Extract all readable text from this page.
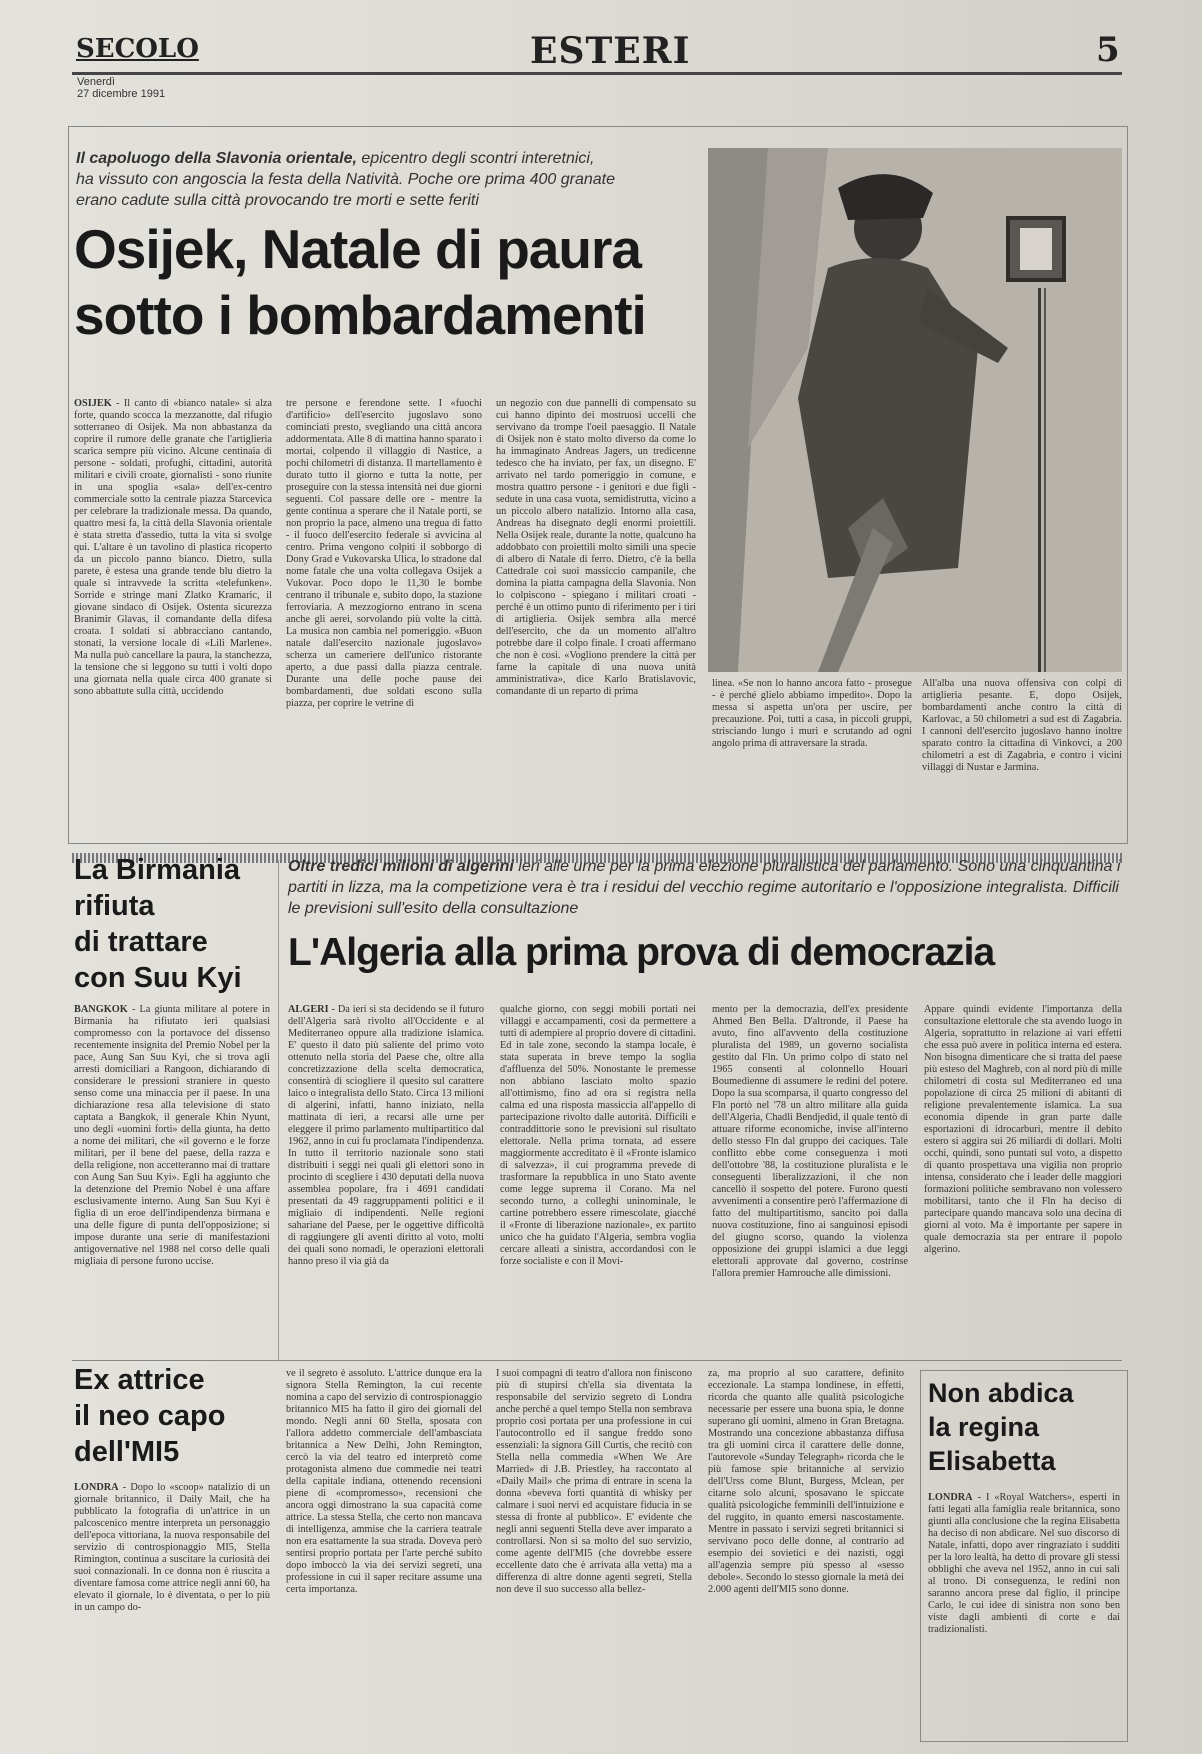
SECOLO
Venerdì
27 dicembre 1991
ESTERI	5
Il capoluogo della Slavonia orientale, epicentro degli scontri interetnici, ha vissuto con angoscia la festa della Natività. Poche ore prima 400 granate erano cadute sulla città provocando tre morti e sette feriti
Osijek, Natale di paura
sotto i bombardamenti

OSIJEK - Il canto di «bianco natale» si alza forte, quando scocca la mezzanotte, dal rifugio sotterraneo di Osijek. Ma non abbastanza da coprire il rumore delle granate che l'artiglieria scarica sempre più vicino. Alcune centinaia di persone - soldati, profughi, cittadini, autorità militari e civili croate, giornalisti - sono riunite in una spoglia «sala» dell'ex-centro commerciale sotto la centrale piazza Starcevica per celebrare la tradizionale messa. Da quando, quattro mesi fa, la città della Slavonia orientale è stata stretta d'assedio, tutta la vita si svolge qui. L'altare è un tavolino di plastica ricoperto da un piccolo panno bianco. Dietro, sulla parete, è estesa una grande tende blu dietro la quale si intravvede la scritta «telefunken». Sorride e stringe mani Zlatko Kramaric, il giovane sindaco di Osijek. Ostenta sicurezza Branimir Glavas, il comandante della difesa croata. I soldati si abbracciano cantando, stonati, la versione locale di «Lili Marlene». Ma nulla può cancellare la paura, la stanchezza, la tensione che si leggono su tutti i volti dopo una giornata nella quale circa 400 granate si sono abbattute sulla città, uccidendo

tre persone e ferendone sette. I «fuochi d'artificio» dell'esercito jugoslavo sono cominciati presto, svegliando una città ancora addormentata. Alle 8 di mattina hanno sparato i mortai, colpendo il villaggio di Nastice, a pochi chilometri di distanza. Il martellamento è durato tutto il giorno e tutta la notte, per proseguire con la stessa intensità nei due giorni seguenti. Col passare delle ore - mentre la gente continua a sperare che il Natale porti, se non proprio la pace, almeno una tregua di fatto - il fuoco dell'esercito federale si avvicina al centro. Prima vengono colpiti il sobborgo di Dony Grad e Vukovarska Ulica, lo stradone dal nome fatale che una volta collegava Osijek a Vukovar. Poco dopo le 11,30 le bombe centrano il tribunale e, subito dopo, la stazione ferroviaria. A mezzogiorno entrano in scena anche gli aerei, sorvolando più volte la città. La musica non cambia nel pomeriggio. «Buon natale dall'esercito nazionale jugoslavo» scherza un cameriere dell'unico ristorante aperto, a due passi dalla piazza centrale. Durante una delle poche pause dei bombardamenti, due soldati escono sulla piazza, per coprire le vetrine di

un negozio con due pannelli di compensato su cui hanno dipinto dei mostruosi uccelli che servivano da trompe l'oeil paesaggio. Il Natale di Osijek non è stato molto diverso da come lo ha immaginato Andreas Jagers, un tredicenne tedesco che ha inviato, per fax, un disegno. E' arrivato nel tardo pomeriggio in comune, e mostra quattro persone - i genitori e due figli - sedute in una casa vuota, semidistrutta, vicino a un piccolo albero natalizio. Intorno alla casa, Andreas ha disegnato degli enormi proiettili. Nella Osijek reale, durante la notte, qualcuno ha addobbato con proiettili molto simili una specie di albero di Natale di ferro. Dietro, c'è la bella Cattedrale coi suoi massiccio campanile, che domina la piatta campagna della Slavonia. Non lo colpiscono - spiegano i militari croati - perché è un ottimo punto di riferimento per i tiri di artiglieria. Osijek sembra alla mercé dell'esercito, che da un momento all'altro potrebbe dare il colpo finale. I croati affermano che non è così. «Vogliono prendere la città per farne la capitale di una nuova unità amministrativa», dice Karlo Bratislavovic, comandante di un reparto di prima

linea. «Se non lo hanno ancora fatto - prosegue - è perché glielo abbiamo impedito». Dopo la messa si aspetta un'ora per uscire, per precauzione. Poi, tutti a casa, in piccoli gruppi, strisciando lungo i muri e scrutando ad ogni angolo prima di attraversare la strada.

All'alba una nuova offensiva con colpi di artiglieria pesante. E, dopo Osijek, bombardamenti anche contro la città di Karlovac, a 50 chilometri a sud est di Zagabria. I cannoni dell'esercito jugoslavo hanno inoltre sparato contro la cittadina di Vinkovci, a 200 chilometri a est di Zagabria, e contro i vicini villaggi di Nustar e Jarmina.

La Birmania
rifiuta
di trattare
con Suu Kyi

BANGKOK - La giunta militare al potere in Birmania ha rifiutato ieri qualsiasi compromesso con la portavoce del dissenso recentemente insignita del Premio Nobel per la pace, Aung San Suu Kyi, che si trova agli arresti domiciliari a Rangoon, dichiarando di considerare le pressioni straniere in questo senso come una minaccia per il paese. In una dichiarazione resa alla televisione di stato captata a Bangkok, il generale Khin Nyunt, uno degli «uomini forti» della giunta, ha detto a nome dei militari, che «il governo e le forze militari, per il bene del paese, della razza e della religione, non accetteranno mai di trattare con Aung San Suu Kyi». Egli ha aggiunto che la detenzione del Premio Nobel è una affare esclusivamente interno. Aung San Suu Kyi è figlia di un eroe dell'indipendenza birmana e una delle figure di punta dell'opposizione; si impose durante una serie di manifestazioni antigovernative nel 1988 nel corso delle quali migliaia di persone furono uccise.

Oltre tredici milioni di algerini ieri alle urne per la prima elezione pluralistica del parlamento. Sono una cinquantina i partiti in lizza, ma la competizione vera è tra i residui del vecchio regime autoritario e l'opposizione integralista. Difficili le previsioni sull'esito della consultazione
L'Algeria alla prima prova di democrazia

ALGERI - Da ieri si sta decidendo se il futuro dell'Algeria sarà rivolto all'Occidente e al Mediterraneo oppure alla tradizione islamica. E' questo il dato più saliente del primo voto ottenuto nella storia del Paese che, oltre alla concretizzazione della scelta democratica, consentirà di sciogliere il quesito sul carattere laico o integralista dello Stato. Circa 13 milioni di algerini, infatti, hanno iniziato, nella mattinata di ieri, a recarsi alle urne per eleggere il primo parlamento multipartitico dal 1962, anno in cui fu proclamata l'indipendenza. In tutto il territorio nazionale sono stati distribuiti i seggi nei quali gli elettori sono in procinto di scegliere i 430 deputati della nuova assemblea popolare, fra i 4691 candidati presentati da 49 raggruppamenti politici e il migliaio di indipendenti. Nelle regioni sahariane del Paese, per le oggettive difficoltà di raggiungere gli aventi diritto al voto, molti dei quali sono nomadi, le operazioni elettorali hanno preso il via già da

qualche giorno, con seggi mobili portati nei villaggi e accampamenti, così da permettere a tutti di adempiere al proprio dovere di cittadini. Ed in tale zone, secondo la stampa locale, è stata superata in breve tempo la soglia d'affluenza del 50%. Nonostante le premesse non abbiano lasciato molto spazio all'ottimismo, fino ad ora si registra nella calma ed una risposta massiccia all'appello di partecipazione rivolto dalle autorità. Difficili e contraddittorie sono le previsioni sul risultato elettorale. Nella prima tornata, ad essere maggiormente accreditato è il «Fronte islamico di salvezza», il cui programma prevede di trasformare la repubblica in uno Stato avente come legge suprema il Corano. Ma nel secondo turno, a colleghi uninominale, le cartine potrebbero essere rimescolate, giacché il «Fronte di liberazione nazionale», ex partito unico che ha guidato l'Algeria, sembra voglia cercare alleati a sinistra, accordandosi con le forze socialiste e con il Movi-

mento per la democrazia, dell'ex presidente Ahmed Ben Bella. D'altronde, il Paese ha avuto, fino all'avvento della costituzione pluralista del 1989, un governo socialista gestito dal Fln. Un primo colpo di stato nel 1965 consentì al colonnello Houari Boumedienne di assumere le redini del potere. Dopo la sua scomparsa, il quarto congresso del Fln portò nel '78 un altro militare alla guida dell'Algeria, Chadli Bendjedid, il quale tentò di attuare riforme economiche, invise all'interno dello stesso Fln dal gruppo dei caciques. Tale conflitto ebbe come conseguenza i moti dell'ottobre '88, la costituzione pluralista e le conseguenti liberalizzazioni, il che non cancellò il sospetto del potere. Furono questi avvenimenti a consentire però l'affermazione di fatto del multipartitismo, sancito poi dalla nuova costituzione, fino ai sanguinosi episodi del giugno scorso, quando la violenza opposizione dei gruppi islamici a due leggi elettorali approvate dal governo, costrinse l'allora premier Hamrouche alle dimissioni.

Appare quindi evidente l'importanza della consultazione elettorale che sta avendo luogo in Algeria, soprattutto in relazione ai vari effetti che essa può avere in politica interna ed estera. Non bisogna dimenticare che si tratta del paese più esteso del Maghreb, con al nord più di mille chilometri di costa sul Mediterraneo ed una popolazione di circa 25 milioni di abitanti di religione prevalentemente islamica. La sua economia dipende in gran parte dalle esportazioni di idrocarburi, mentre il debito estero si aggira sui 26 miliardi di dollari. Molti occhi, quindi, sono puntati sul voto, a dispetto di quanto prospettava una vigilia non proprio intensa, considerato che i leader delle maggiori formazioni politiche sembravano non volessero mobilitarsi, tanto che il Fln ha deciso di partecipare quando mancava solo una decina di giorni al voto. Ma è importante per sapere in quale democrazia sta per entrare il popolo algerino.

Ex attrice
il neo capo
dell'MI5

LONDRA - Dopo lo «scoop» natalizio di un giornale britannico, il Daily Mail, che ha pubblicato la fotografia di un'attrice in un palcoscenico mentre interpreta un personaggio dell'epoca vittoriana, la nuova responsabile del servizio di controspionaggio MI5, Stella Rimington, continua a suscitare la curiosità dei suoi connazionali. In ce donna non è riuscita a diventare famosa come attrice negli anni 60, ha elevato il giornale, lo è diventata, o per lo più in un campo do-

ve il segreto è assoluto. L'attrice dunque era la signora Stella Remington, la cui recente nomina a capo del servizio di controspionaggio britannico MI5 ha fatto il giro dei giornali del mondo. Negli anni 60 Stella, sposata con l'allora addetto commerciale dell'ambasciata britannica a New Delhi, John Remington, cercò la via del teatro ed interpretò come protagonista almeno due commedie nei teatri della capitale indiana, ottenendo recensioni piene di «compromesso», recensioni che ancora oggi dimostrano la sua capacità come attrice. La stessa Stella, che certo non mancava di intelligenza, ammise che la carriera teatrale non era esattamente la sua strada. Doveva però sentirsi proprio portata per l'arte perché subito dopo imboccò la via dei servizi segreti, una professione in cui il saper recitare assume una certa importanza.

I suoi compagni di teatro d'allora non finiscono più di stupirsi ch'ella sia diventata la responsabile del servizio segreto di Londra anche perché a quel tempo Stella non sembrava proprio così portata per una professione in cui l'autocontrollo ed il sangue freddo sono essenziali: la signora Gill Curtis, che recitò con Stella nella commedia «When We Are Married» di J.B. Priestley, ha raccontato al «Daily Mail» che prima di entrare in scena la donna «beveva forti quantità di whisky per calmare i suoi nervi ed acquistare fiducia in se stessa di fronte al pubblico». E' evidente che negli anni seguenti Stella deve aver imparato a controllarsi. Non si sa molto del suo servizio, come agente dell'MI5 (che dovrebbe essere eccellente dato che è arrivata alla vetta) ma a differenza di altre donne agenti segreti, Stella non deve il suo successo alla bellez-

za, ma proprio al suo carattere, definito eccezionale. La stampa londinese, in effetti, ricorda che quanto alle qualità psicologiche necessarie per essere una buona spia, le donne superano gli uomini, almeno in Gran Bretagna. Mostrando una concezione abbastanza diffusa tra gli uomini circa il carattere delle donne, l'autorevole «Sunday Telegraph» ricorda che le più famose spie britanniche al servizio dell'Urss come Blunt, Burgess, Mclean, per citarne solo alcuni, sposavano le spiccate qualità psicologiche femminili dell'intuizione e del ruggito, in quanto emersi nascostamente. Mentre in passato i servizi segreti britannici si servivano poco delle donne, al contrario ad esempio dei sovietici e dei nazisti, oggi all'agenzia sempre più spesso al «sesso debole». Secondo lo stesso giornale la metà dei 2.000 agenti dell'MI5 sono donne.

Non abdica
la regina
Elisabetta

LONDRA - I «Royal Watchers», esperti in fatti legati alla famiglia reale britannica, sono giunti alla conclusione che la regina Elisabetta ha deciso di non abdicare. Nel suo discorso di Natale, infatti, dopo aver ringraziato i sudditi per la loro lealtà, ha detto di provare gli stessi obblighi che aveva nel 1952, anno in cui salì al trono. Di conseguenza, le redini non saranno ancora prese dal figlio, il principe Carlo, le cui idee di sinistra non sono ben viste dagli ambienti di corte e dai tradizionalisti.
